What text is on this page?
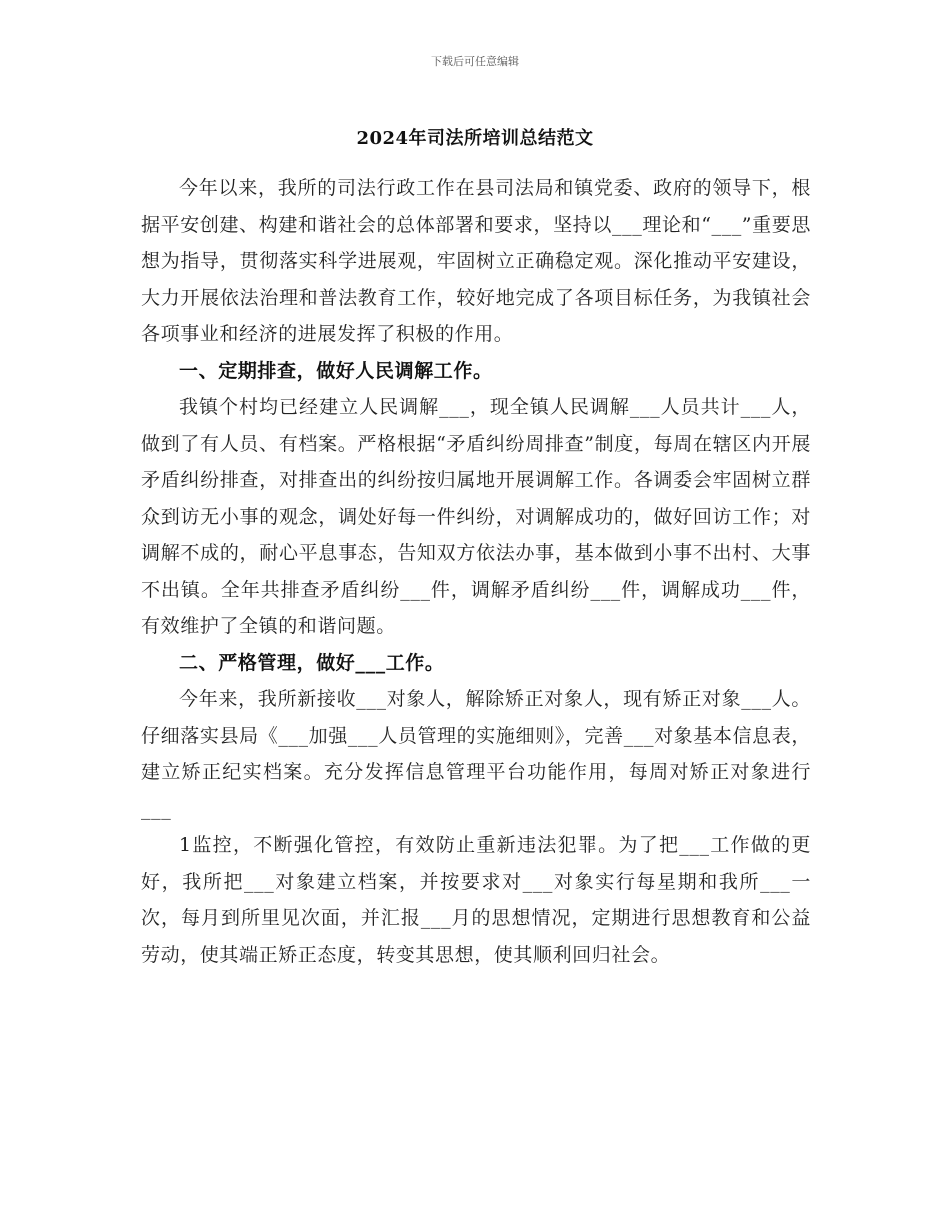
下载后可任意编辑
2024年司法所培训总结范文

今年以来，我所的司法行政工作在县司法局和镇党委、政府的领导下，根据平安创建、构建和谐社会的总体部署和要求，坚持以___理论和“___”重要思想为指导，贯彻落实科学进展观，牢固树立正确稳定观。深化推动平安建设，大力开展依法治理和普法教育工作，较好地完成了各项目标任务，为我镇社会各项事业和经济的进展发挥了积极的作用。

一、定期排查，做好人民调解工作。

我镇个村均已经建立人民调解___，现全镇人民调解___人员共计___人，做到了有人员、有档案。严格根据“矛盾纠纷周排查”制度，每周在辖区内开展矛盾纠纷排查，对排查出的纠纷按归属地开展调解工作。各调委会牢固树立群众到访无小事的观念，调处好每一件纠纷，对调解成功的，做好回访工作；对调解不成的，耐心平息事态，告知双方依法办事，基本做到小事不出村、大事不出镇。全年共排查矛盾纠纷___件，调解矛盾纠纷___件，调解成功___件，有效维护了全镇的和谐问题。

二、严格管理，做好___工作。

今年来，我所新接收___对象人，解除矫正对象人，现有矫正对象___人。仔细落实县局《___加强___人员管理的实施细则》，完善___对象基本信息表，建立矫正纪实档案。充分发挥信息管理平台功能作用，每周对矫正对象进行___

1监控，不断强化管控，有效防止重新违法犯罪。为了把___工作做的更好，我所把___对象建立档案，并按要求对___对象实行每星期和我所___一次，每月到所里见次面，并汇报___月的思想情况，定期进行思想教育和公益劳动，使其端正矫正态度，转变其思想，使其顺利回归社会。
